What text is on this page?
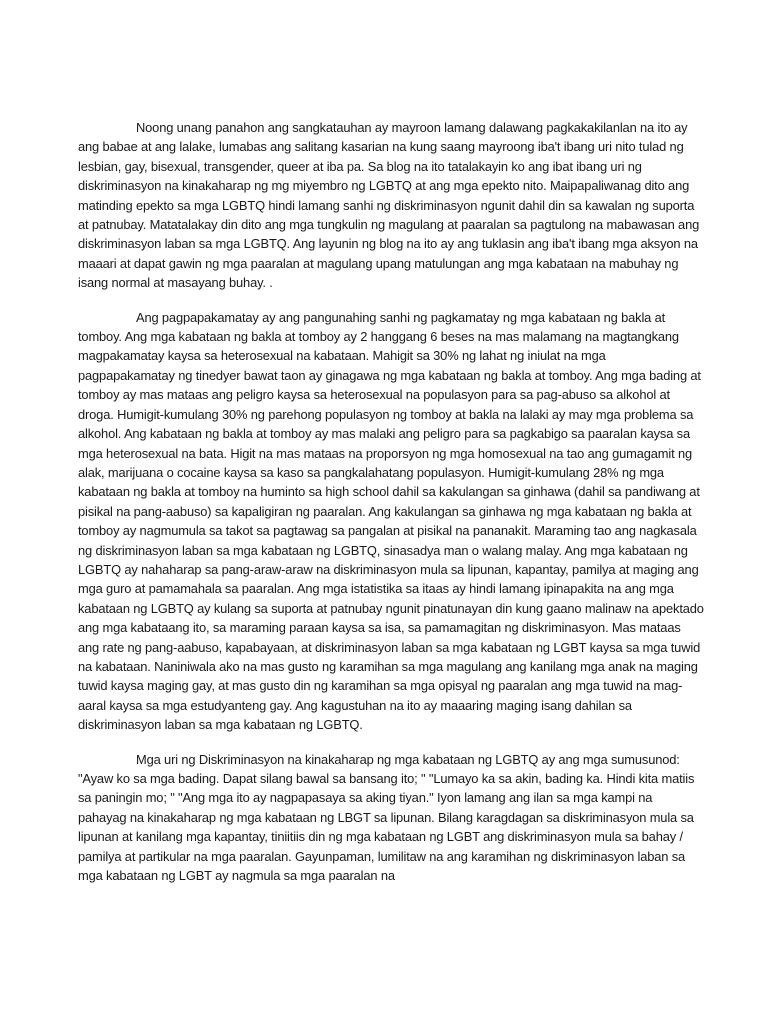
Noong unang panahon ang sangkatauhan ay mayroon lamang dalawang pagkakakilanlan na ito ay ang babae at ang lalake, lumabas ang salitang kasarian na kung saang mayroong iba't ibang uri nito tulad ng lesbian, gay, bisexual, transgender, queer at iba pa. Sa blog na ito tatalakayin ko ang ibat ibang uri ng diskriminasyon na kinakaharap ng mg miyembro ng LGBTQ at ang mga epekto nito. Maipapaliwanag dito ang matinding epekto sa mga LGBTQ hindi lamang sanhi ng diskriminasyon ngunit dahil din sa kawalan ng suporta at patnubay. Matatalakay din dito ang mga tungkulin ng magulang at paaralan sa pagtulong na mabawasan ang diskriminasyon laban sa mga LGBTQ. Ang layunin ng blog na ito ay ang tuklasin ang iba't ibang mga aksyon na maaari at dapat gawin ng mga paaralan at magulang upang matulungan ang mga kabataan na mabuhay ng isang normal at masayang buhay. .

Ang pagpapakamatay ay ang pangunahing sanhi ng pagkamatay ng mga kabataan ng bakla at tomboy. Ang mga kabataan ng bakla at tomboy ay 2 hanggang 6 beses na mas malamang na magtangkang magpakamatay kaysa sa heterosexual na kabataan. Mahigit sa 30% ng lahat ng iniulat na mga pagpapakamatay ng tinedyer bawat taon ay ginagawa ng mga kabataan ng bakla at tomboy. Ang mga bading at tomboy ay mas mataas ang peligro kaysa sa heterosexual na populasyon para sa pag-abuso sa alkohol at droga. Humigit-kumulang 30% ng parehong populasyon ng tomboy at bakla na lalaki ay may mga problema sa alkohol. Ang kabataan ng bakla at tomboy ay mas malaki ang peligro para sa pagkabigo sa paaralan kaysa sa mga heterosexual na bata. Higit na mas mataas na proporsyon ng mga homosexual na tao ang gumagamit ng alak, marijuana o cocaine kaysa sa kaso sa pangkalahatang populasyon. Humigit-kumulang 28% ng mga kabataan ng bakla at tomboy na huminto sa high school dahil sa kakulangan sa ginhawa (dahil sa pandiwang at pisikal na pang-aabuso) sa kapaligiran ng paaralan. Ang kakulangan sa ginhawa ng mga kabataan ng bakla at tomboy ay nagmumula sa takot sa pagtawag sa pangalan at pisikal na pananakit. Maraming tao ang nagkasala ng diskriminasyon laban sa mga kabataan ng LGBTQ, sinasadya man o walang malay. Ang mga kabataan ng LGBTQ ay nahaharap sa pang-araw-araw na diskriminasyon mula sa lipunan, kapantay, pamilya at maging ang mga guro at pamamahala sa paaralan. Ang mga istatistika sa itaas ay hindi lamang ipinapakita na ang mga kabataan ng LGBTQ ay kulang sa suporta at patnubay ngunit pinatunayan din kung gaano malinaw na apektado ang mga kabataang ito, sa maraming paraan kaysa sa isa, sa pamamagitan ng diskriminasyon. Mas mataas ang rate ng pang-aabuso, kapabayaan, at diskriminasyon laban sa mga kabataan ng LGBT kaysa sa mga tuwid na kabataan. Naniniwala ako na mas gusto ng karamihan sa mga magulang ang kanilang mga anak na maging tuwid kaysa maging gay, at mas gusto din ng karamihan sa mga opisyal ng paaralan ang mga tuwid na mag-aaral kaysa sa mga estudyanteng gay. Ang kagustuhan na ito ay maaaring maging isang dahilan sa diskriminasyon laban sa mga kabataan ng LGBTQ.

Mga uri ng Diskriminasyon na kinakaharap ng mga kabataan ng LGBTQ ay ang mga sumusunod: "Ayaw ko sa mga bading. Dapat silang bawal sa bansang ito; " "Lumayo ka sa akin, bading ka. Hindi kita matiis sa paningin mo; " "Ang mga ito ay nagpapasaya sa aking tiyan." Iyon lamang ang ilan sa mga kampi na pahayag na kinakaharap ng mga kabataan ng LBGT sa lipunan. Bilang karagdagan sa diskriminasyon mula sa lipunan at kanilang mga kapantay, tiniitiis din ng mga kabataan ng LGBT ang diskriminasyon mula sa bahay / pamilya at partikular na mga paaralan. Gayunpaman, lumilitaw na ang karamihan ng diskriminasyon laban sa mga kabataan ng LGBT ay nagmula sa mga paaralan na
